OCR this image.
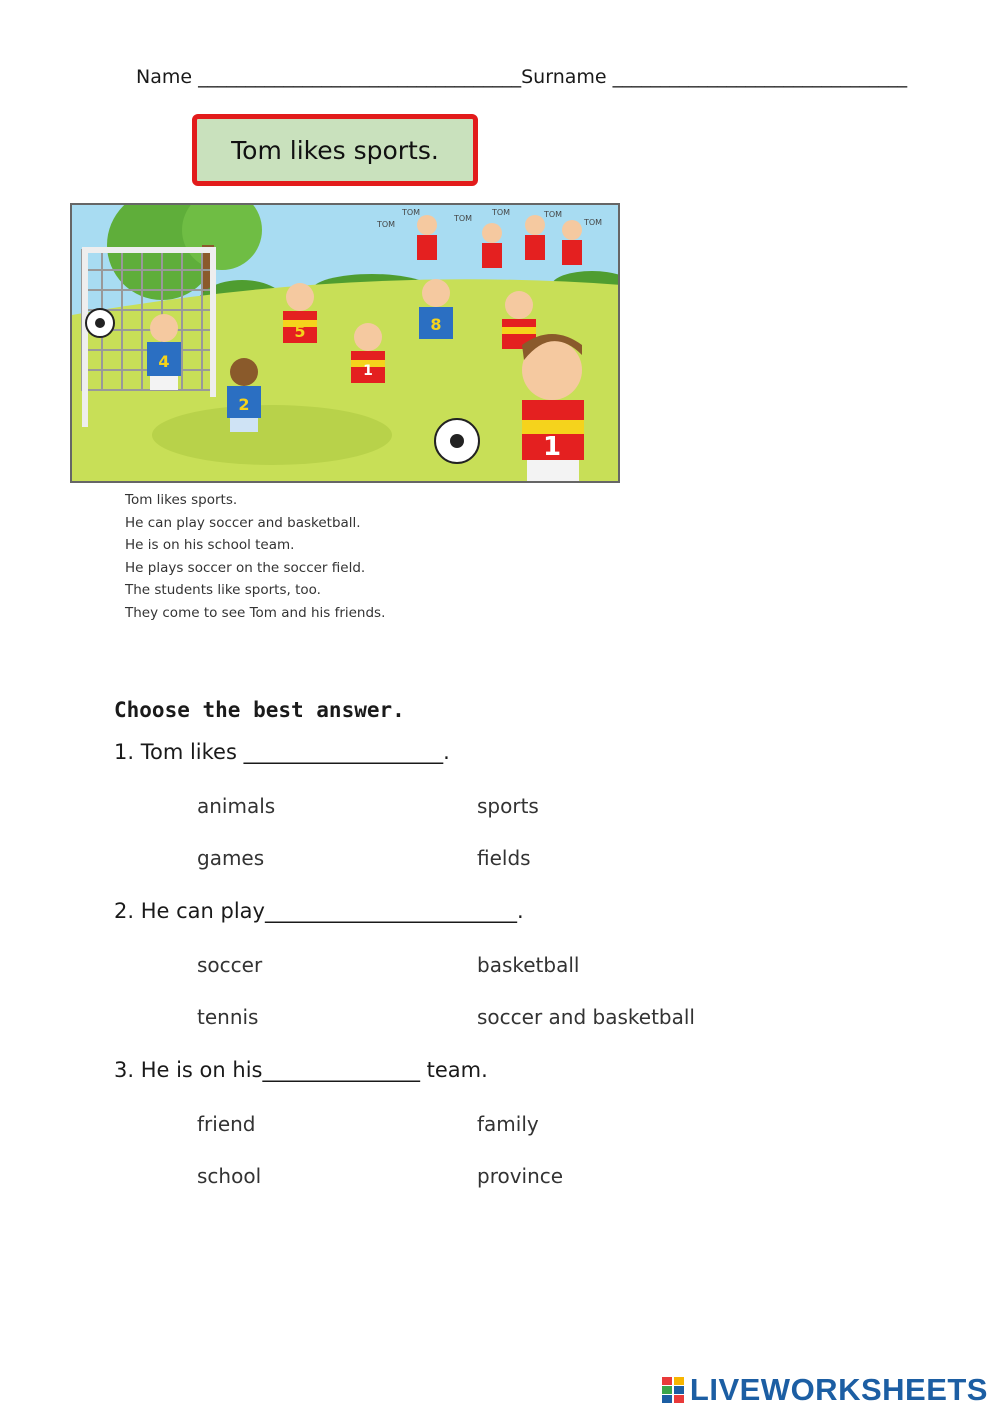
Name __________________________________Surname _______________________________
Tom likes sports.
TOM
TOM
TOM
TOM	TOM
TOM
5	8
4
2
1
1
Tom likes sports.
He can play soccer and basketball.
He is on his school team.
He plays soccer on the soccer field.
The students like sports, too.
They come to see Tom and his friends.
Choose the best answer.
1. Tom likes ___________________.
animals	sports
games	fields
2. He can play________________________.
soccer	basketball
tennis	soccer and basketball
3. He is on his_______________ team.
friend	family
school	province
LIVEWORKSHEETS
